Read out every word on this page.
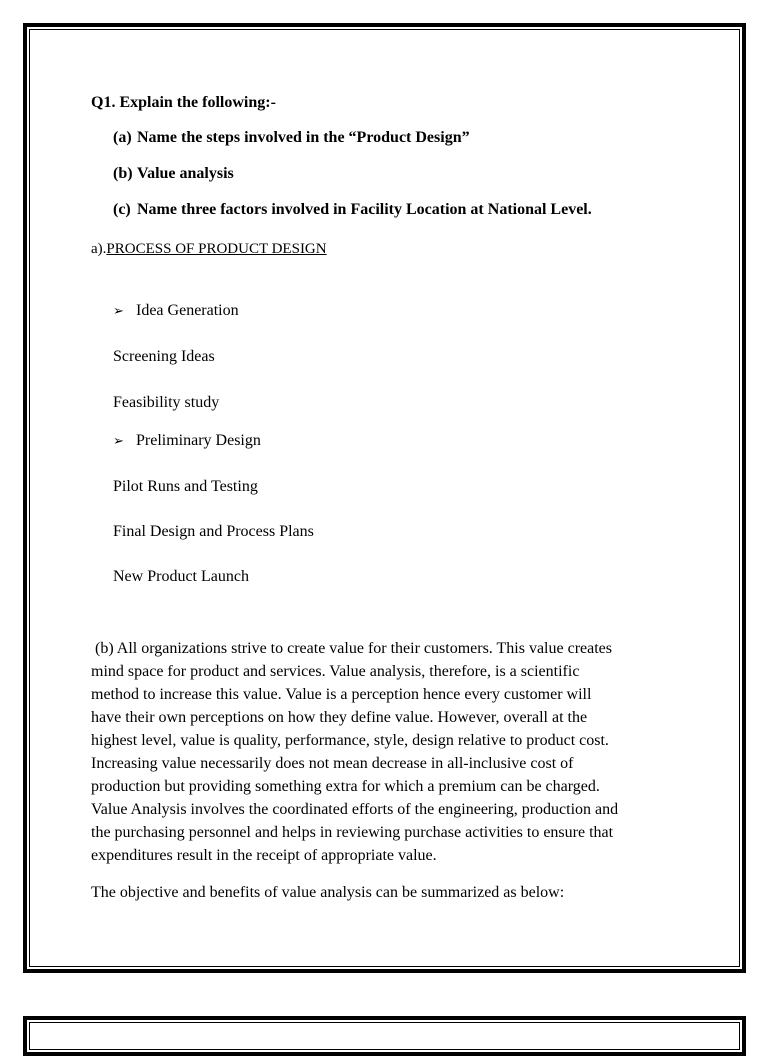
Q1. Explain the following:-
(a) Name the steps involved in the “Product Design”
(b) Value analysis
(c) Name three factors involved in Facility Location at National Level.
a).PROCESS OF PRODUCT DESIGN
➢ Idea Generation
Screening Ideas
Feasibility study
➢ Preliminary Design
Pilot Runs and Testing
Final Design and Process Plans
New Product Launch
(b) All organizations strive to create value for their customers. This value creates
mind space for product and services. Value analysis, therefore, is a scientific
method to increase this value. Value is a perception hence every customer will
have their own perceptions on how they define value. However, overall at the
highest level, value is quality, performance, style, design relative to product cost.
Increasing value necessarily does not mean decrease in all-inclusive cost of
production but providing something extra for which a premium can be charged.
Value Analysis involves the coordinated efforts of the engineering, production and
the purchasing personnel and helps in reviewing purchase activities to ensure that
expenditures result in the receipt of appropriate value.
The objective and benefits of value analysis can be summarized as below:
